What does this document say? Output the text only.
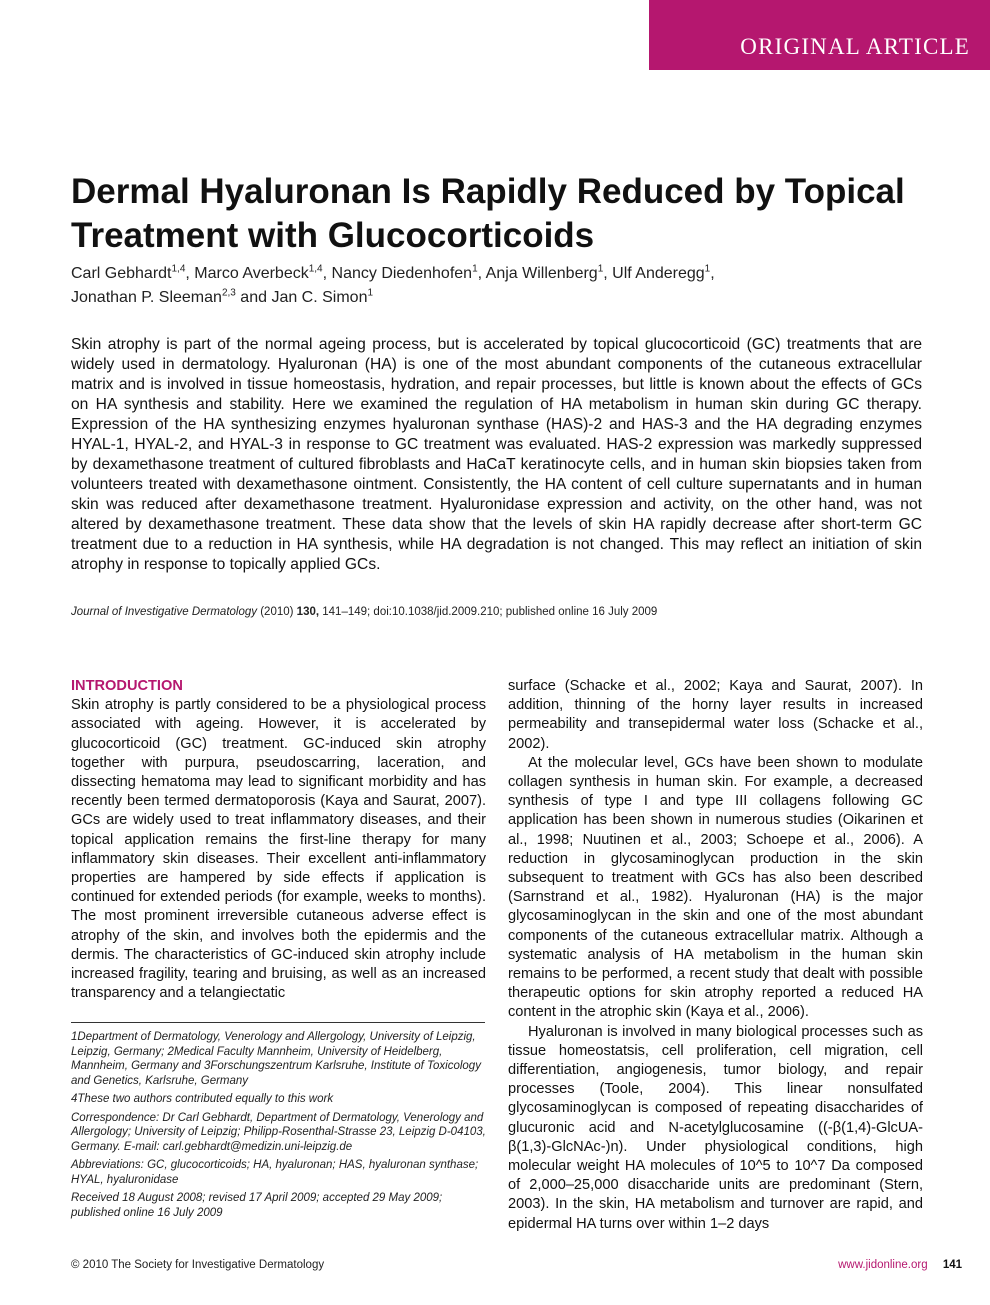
ORIGINAL ARTICLE
Dermal Hyaluronan Is Rapidly Reduced by Topical Treatment with Glucocorticoids
Carl Gebhardt$^{1,4}$, Marco Averbeck$^{1,4}$, Nancy Diedenhofen$^1$, Anja Willenberg$^1$, Ulf Anderegg$^1$,
Jonathan P. Sleeman$^{2,3}$ and Jan C. Simon$^1$

Skin atrophy is part of the normal ageing process, but is accelerated by topical glucocorticoid (GC) treatments that are widely used in dermatology. Hyaluronan (HA) is one of the most abundant components of the cutaneous extracellular matrix and is involved in tissue homeostasis, hydration, and repair processes, but little is known about the effects of GCs on HA synthesis and stability. Here we examined the regulation of HA metabolism in human skin during GC therapy. Expression of the HA synthesizing enzymes hyaluronan synthase (HAS)-2 and HAS-3 and the HA degrading enzymes HYAL-1, HYAL-2, and HYAL-3 in response to GC treatment was evaluated. HAS-2 expression was markedly suppressed by dexamethasone treatment of cultured fibroblasts and HaCaT keratinocyte cells, and in human skin biopsies taken from volunteers treated with dexamethasone ointment. Consistently, the HA content of cell culture supernatants and in human skin was reduced after dexamethasone treatment. Hyaluronidase expression and activity, on the other hand, was not altered by dexamethasone treatment. These data show that the levels of skin HA rapidly decrease after short-term GC treatment due to a reduction in HA synthesis, while HA degradation is not changed. This may reflect an initiation of skin atrophy in response to topically applied GCs.

Journal of Investigative Dermatology (2010) 130, 141–149; doi:10.1038/jid.2009.210; published online 16 July 2009

INTRODUCTION

Skin atrophy is partly considered to be a physiological process associated with ageing. However, it is accelerated by glucocorticoid (GC) treatment. GC-induced skin atrophy together with purpura, pseudoscarring, laceration, and dissecting hematoma may lead to significant morbidity and has recently been termed dermatoporosis (Kaya and Saurat, 2007). GCs are widely used to treat inflammatory diseases, and their topical application remains the first-line therapy for many inflammatory skin diseases. Their excellent anti-inflammatory properties are hampered by side effects if application is continued for extended periods (for example, weeks to months). The most prominent irreversible cutaneous adverse effect is atrophy of the skin, and involves both the epidermis and the dermis. The characteristics of GC-induced skin atrophy include increased fragility, tearing and bruising, as well as an increased transparency and a telangiectatic

surface (Schacke et al., 2002; Kaya and Saurat, 2007). In addition, thinning of the horny layer results in increased permeability and transepidermal water loss (Schacke et al., 2002).

At the molecular level, GCs have been shown to modulate collagen synthesis in human skin. For example, a decreased synthesis of type I and type III collagens following GC application has been shown in numerous studies (Oikarinen et al., 1998; Nuutinen et al., 2003; Schoepe et al., 2006). A reduction in glycosaminoglycan production in the skin subsequent to treatment with GCs has also been described (Sarnstrand et al., 1982). Hyaluronan (HA) is the major glycosaminoglycan in the skin and one of the most abundant components of the cutaneous extracellular matrix. Although a systematic analysis of HA metabolism in the human skin remains to be performed, a recent study that dealt with possible therapeutic options for skin atrophy reported a reduced HA content in the atrophic skin (Kaya et al., 2006).

Hyaluronan is involved in many biological processes such as tissue homeostatsis, cell proliferation, cell migration, cell differentiation, angiogenesis, tumor biology, and repair processes (Toole, 2004). This linear nonsulfated glycosaminoglycan is composed of repeating disaccharides of glucuronic acid and N-acetylglucosamine ((-β(1,4)-GlcUA-β(1,3)-GlcNAc-)n). Under physiological conditions, high molecular weight HA molecules of 10^5 to 10^7 Da composed of 2,000–25,000 disaccharide units are predominant (Stern, 2003). In the skin, HA metabolism and turnover are rapid, and epidermal HA turns over within 1–2 days

1Department of Dermatology, Venerology and Allergology, University of Leipzig, Leipzig, Germany; 2Medical Faculty Mannheim, University of Heidelberg, Mannheim, Germany and 3Forschungszentrum Karlsruhe, Institute of Toxicology and Genetics, Karlsruhe, Germany

4These two authors contributed equally to this work

Correspondence: Dr Carl Gebhardt, Department of Dermatology, Venerology and Allergology; University of Leipzig; Philipp-Rosenthal-Strasse 23, Leipzig D-04103, Germany. E-mail: carl.gebhardt@medizin.uni-leipzig.de

Abbreviations: GC, glucocorticoids; HA, hyaluronan; HAS, hyaluronan synthase; HYAL, hyaluronidase

Received 18 August 2008; revised 17 April 2009; accepted 29 May 2009; published online 16 July 2009

© 2010 The Society for Investigative Dermatology	www.jidonline.org 141
